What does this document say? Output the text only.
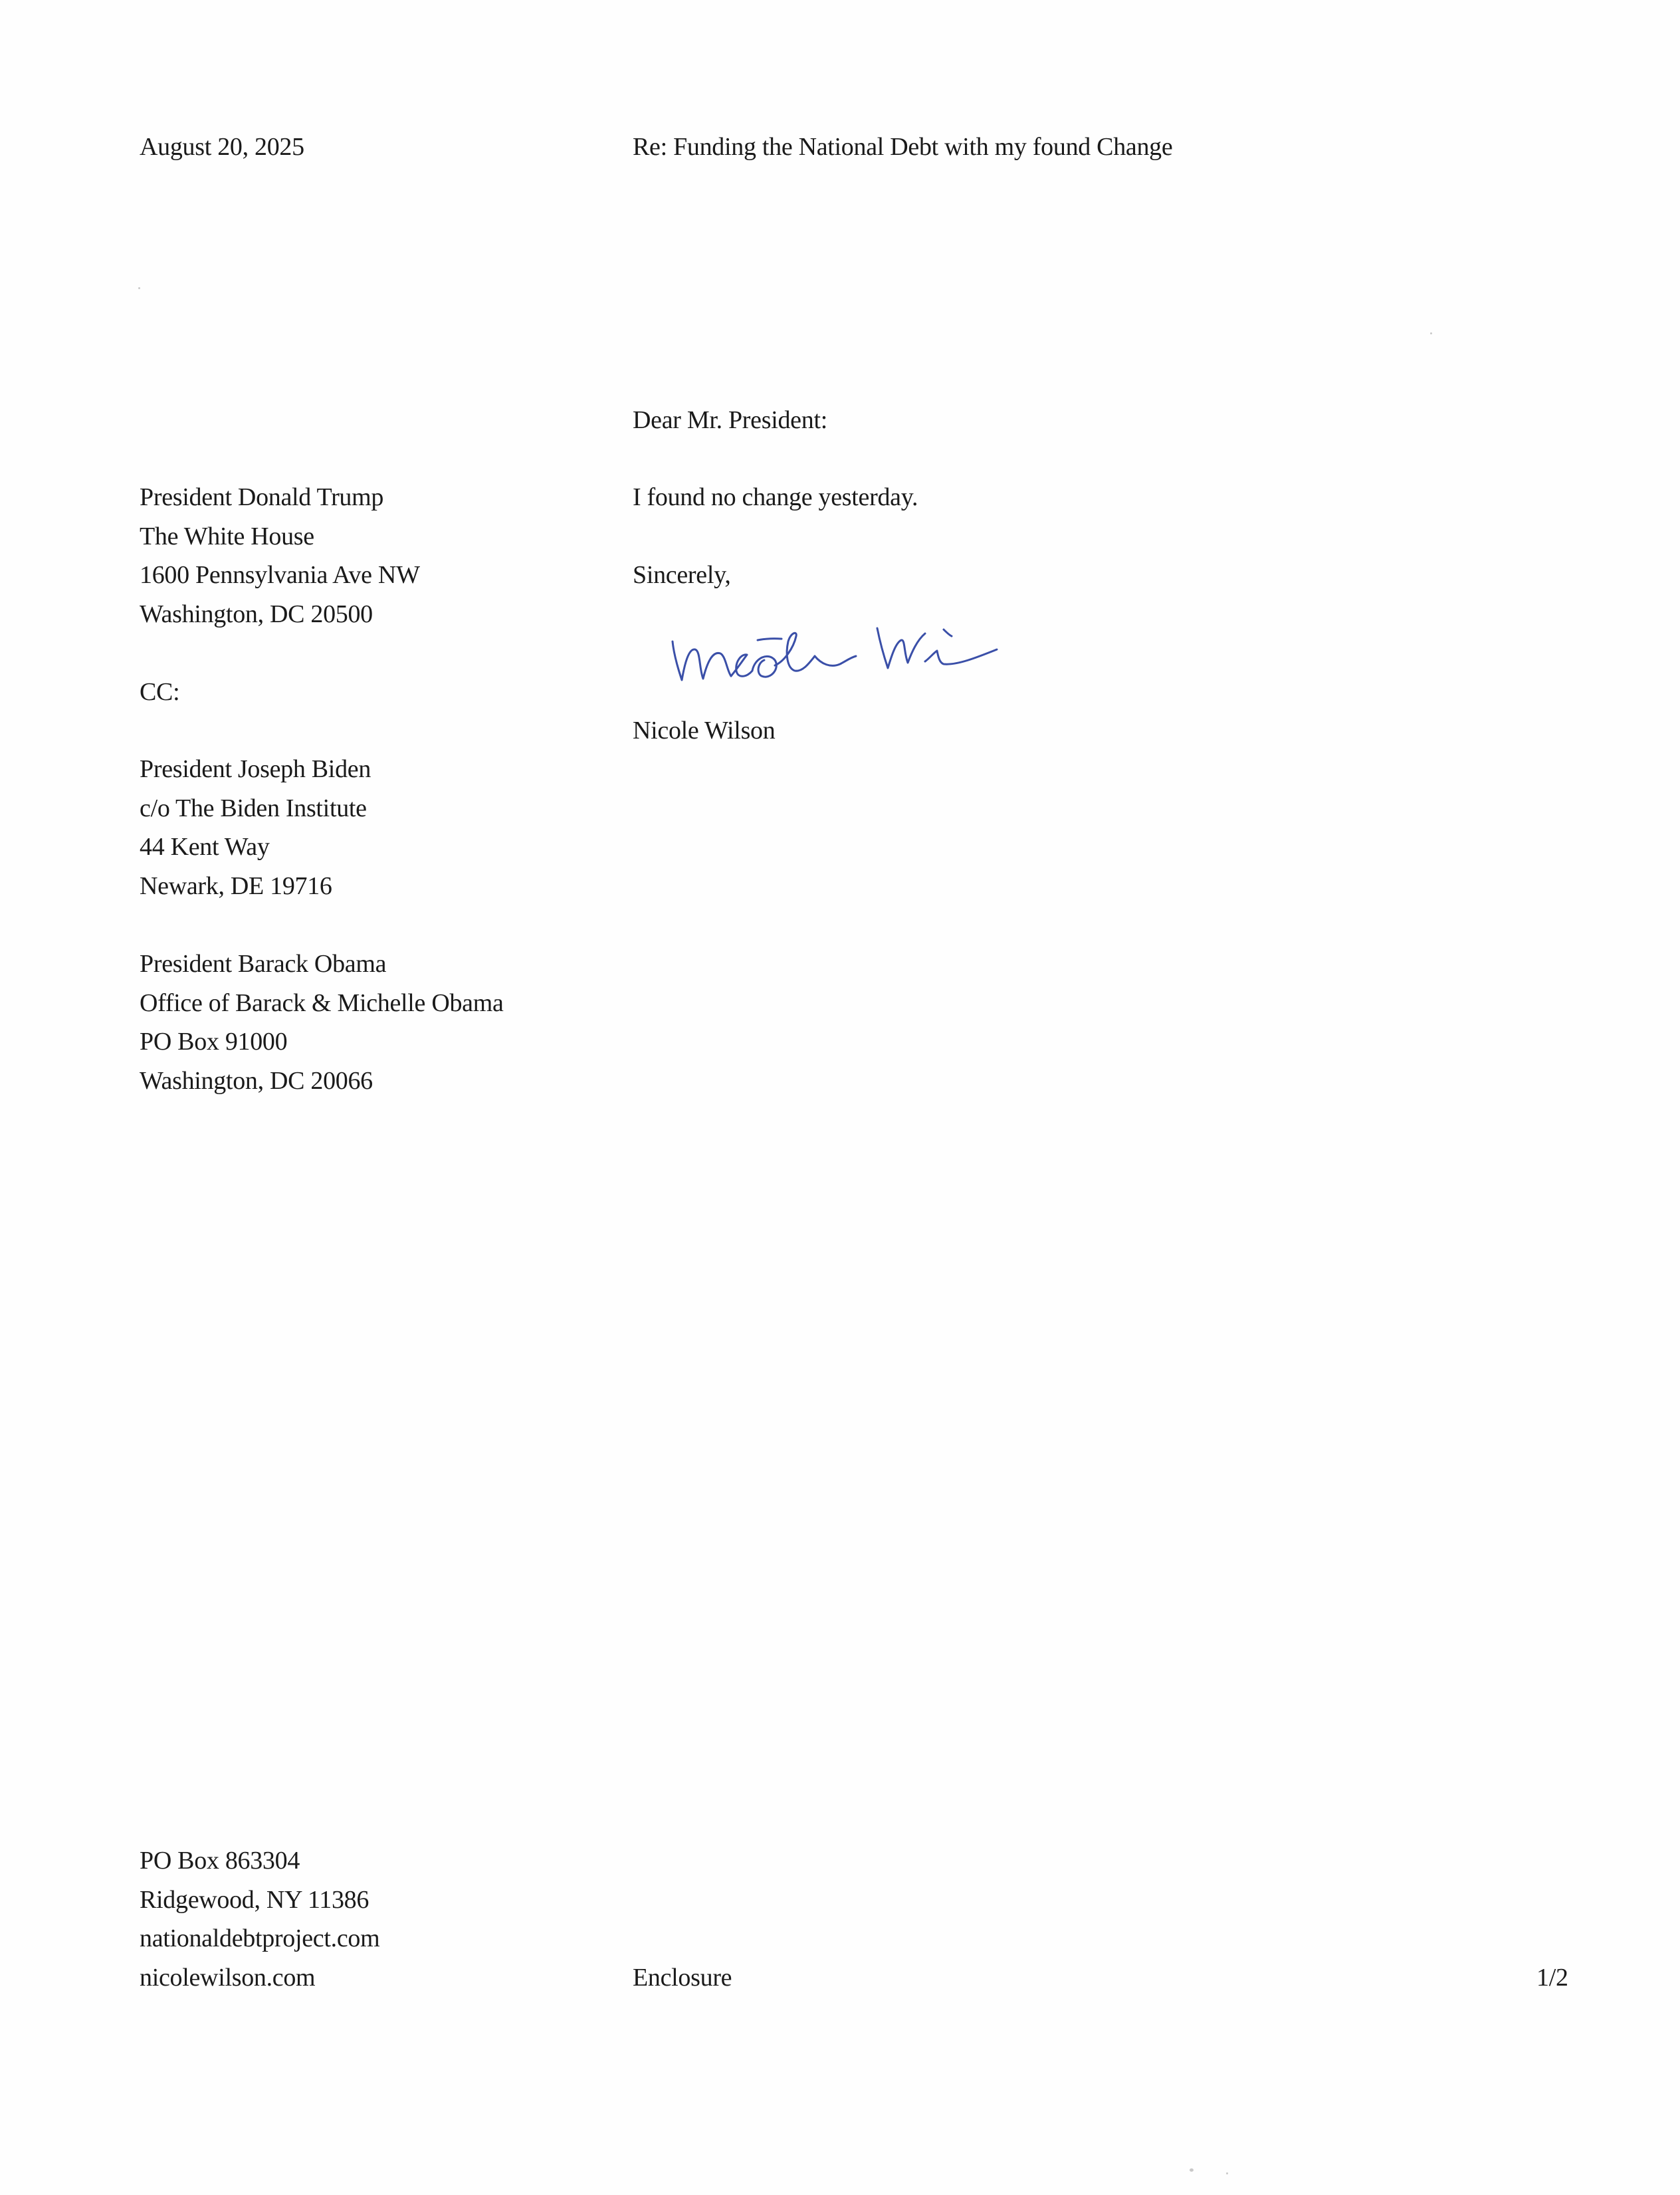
August 20, 2025	Re: Funding the National Debt with my found Change
Dear Mr. President:
President Donald Trump
The White House
1600 Pennsylvania Ave NW
Washington, DC 20500
I found no change yesterday.
Sincerely,
Nicole Wilson
CC:
President Joseph Biden
c/o The Biden Institute
44 Kent Way
Newark, DE 19716
President Barack Obama
Office of Barack & Michelle Obama
PO Box 91000
Washington, DC 20066
PO Box 863304
Ridgewood, NY 11386
nationaldebtproject.com
nicolewilson.com	Enclosure	1/2
